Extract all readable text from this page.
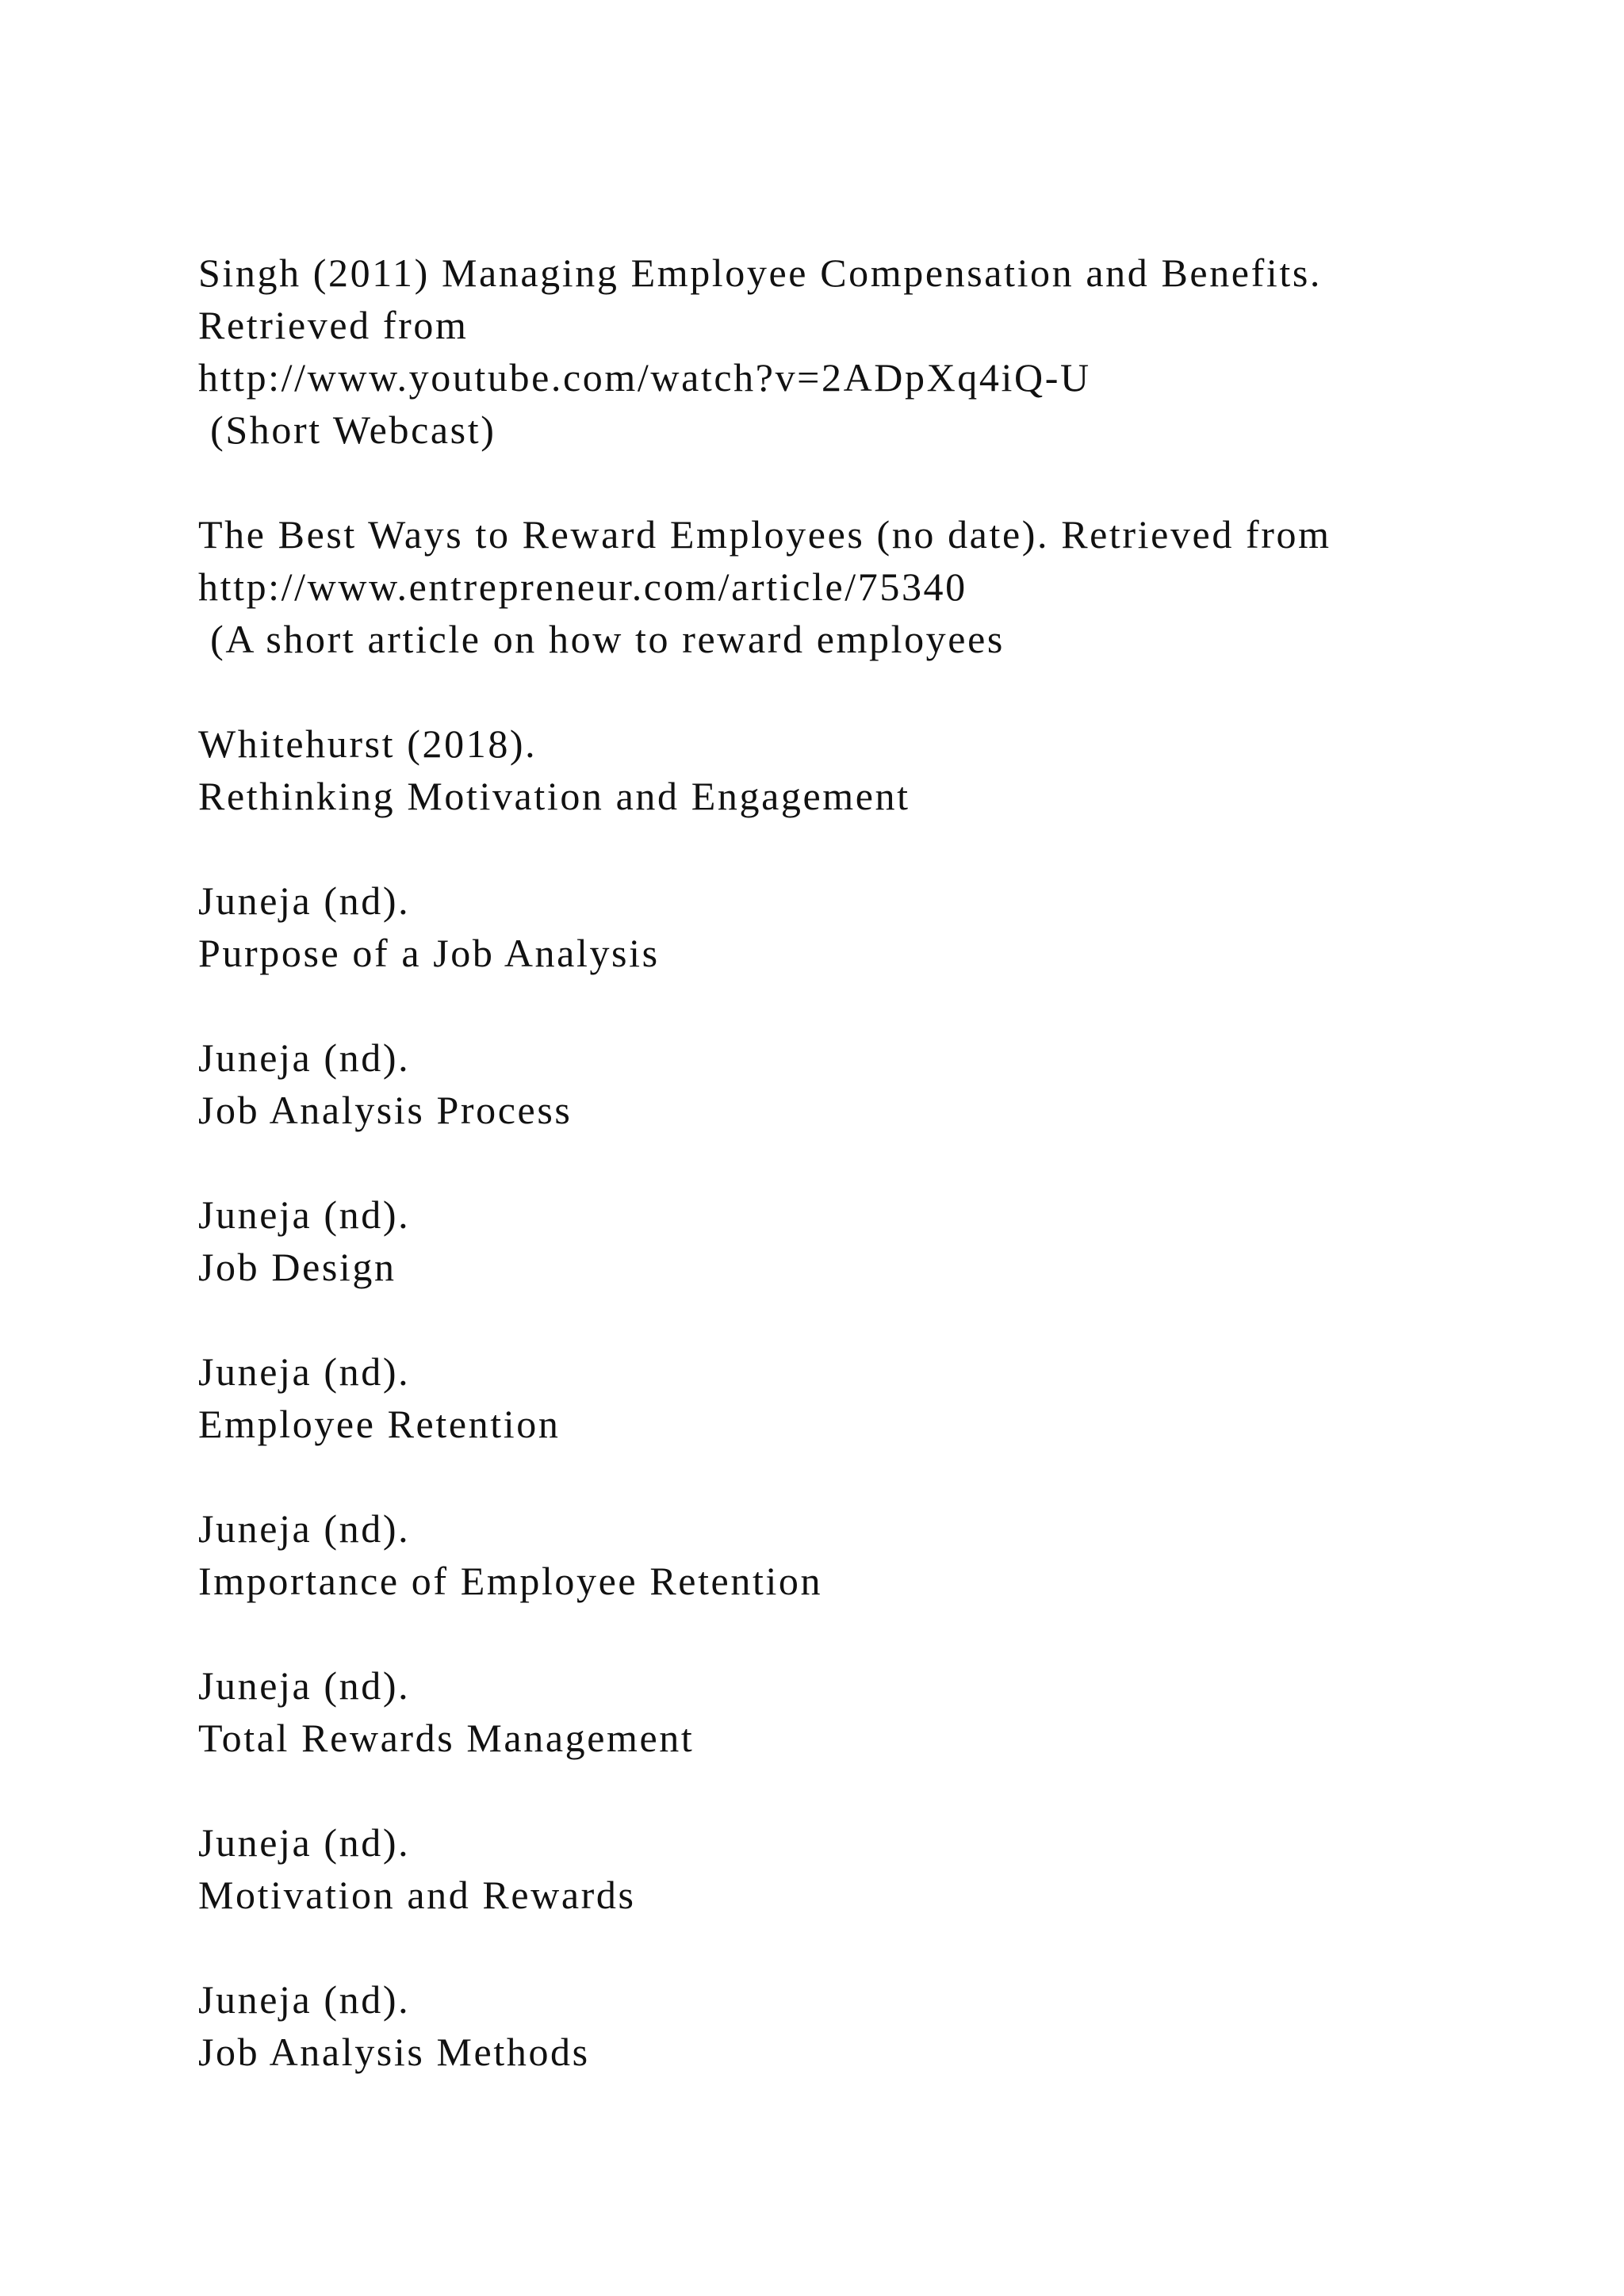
Singh (2011) Managing Employee Compensation and Benefits.
Retrieved from
http://www.youtube.com/watch?v=2ADpXq4iQ-U
(Short Webcast)
The Best Ways to Reward Employees (no date). Retrieved from
http://www.entrepreneur.com/article/75340
(A short article on how to reward employees
Whitehurst (2018).
Rethinking Motivation and Engagement
Juneja (nd).
Purpose of a Job Analysis
Juneja (nd).
Job Analysis Process
Juneja (nd).
Job Design
Juneja (nd).
Employee Retention
Juneja (nd).
Importance of Employee Retention
Juneja (nd).
Total Rewards Management
Juneja (nd).
Motivation and Rewards
Juneja (nd).
Job Analysis Methods
